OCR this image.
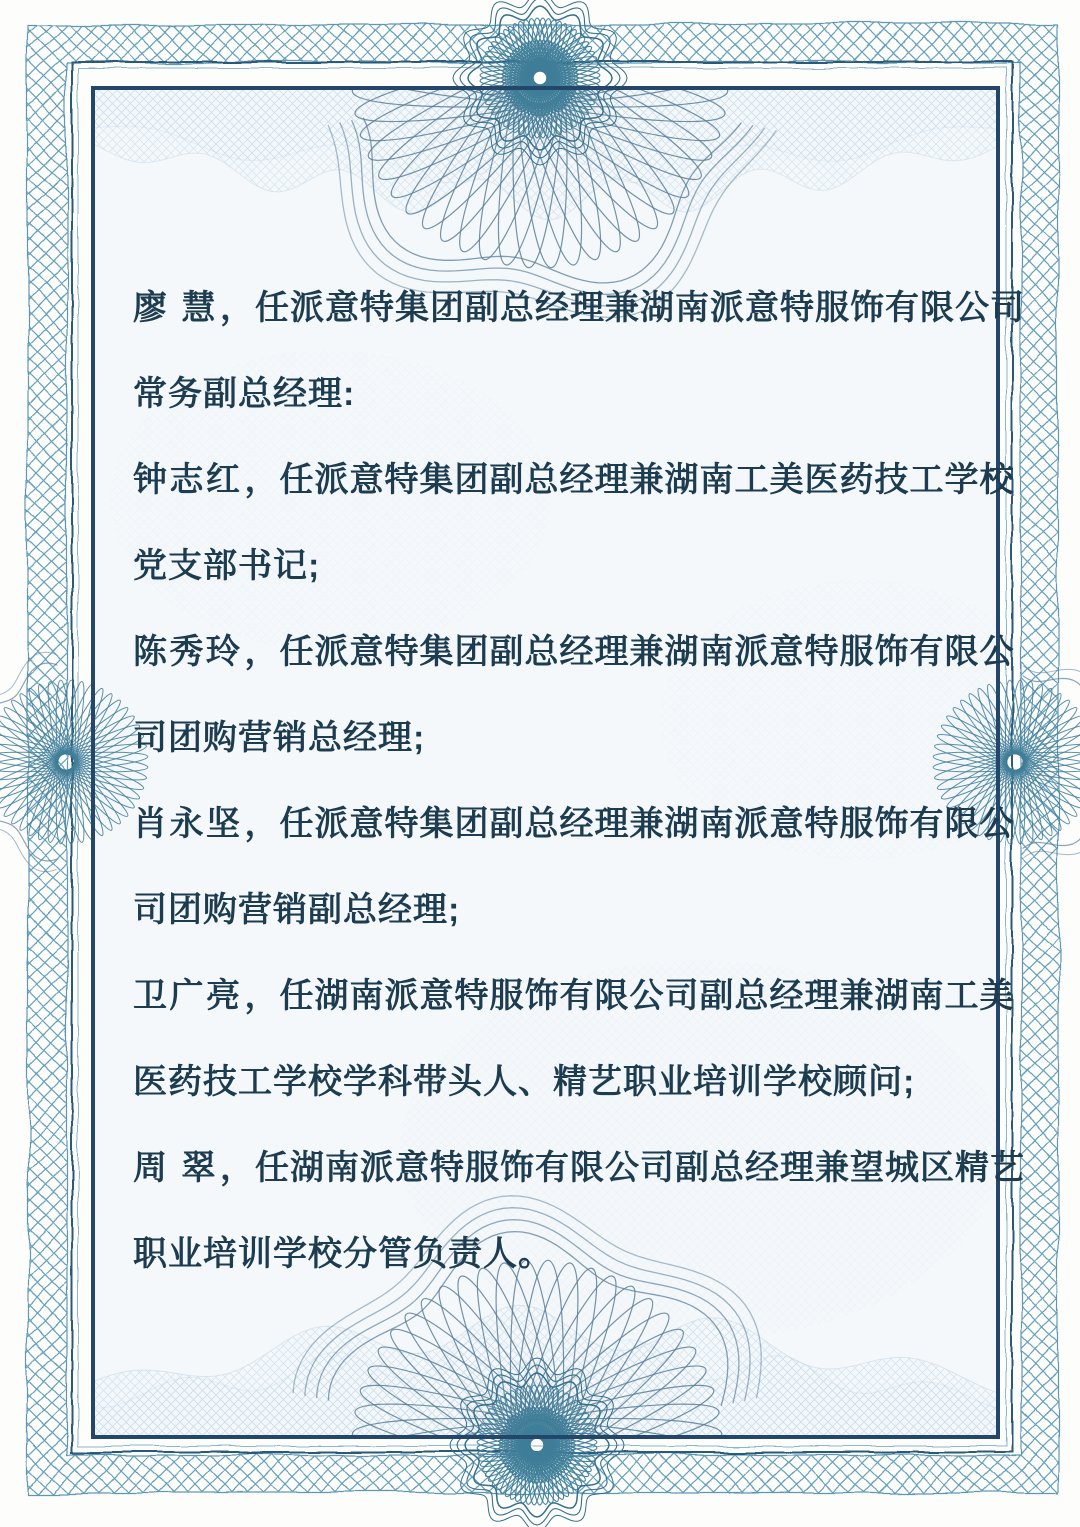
廖 慧，任派意特集团副总经理兼湖南派意特服饰有限公司
常务副总经理:
钟志红，任派意特集团副总经理兼湖南工美医药技工学校
党支部书记;
陈秀玲，任派意特集团副总经理兼湖南派意特服饰有限公
司团购营销总经理;
肖永坚，任派意特集团副总经理兼湖南派意特服饰有限公
司团购营销副总经理;
卫广亮，任湖南派意特服饰有限公司副总经理兼湖南工美
医药技工学校学科带头人、精艺职业培训学校顾问;
周 翠，任湖南派意特服饰有限公司副总经理兼望城区精艺
职业培训学校分管负责人。
